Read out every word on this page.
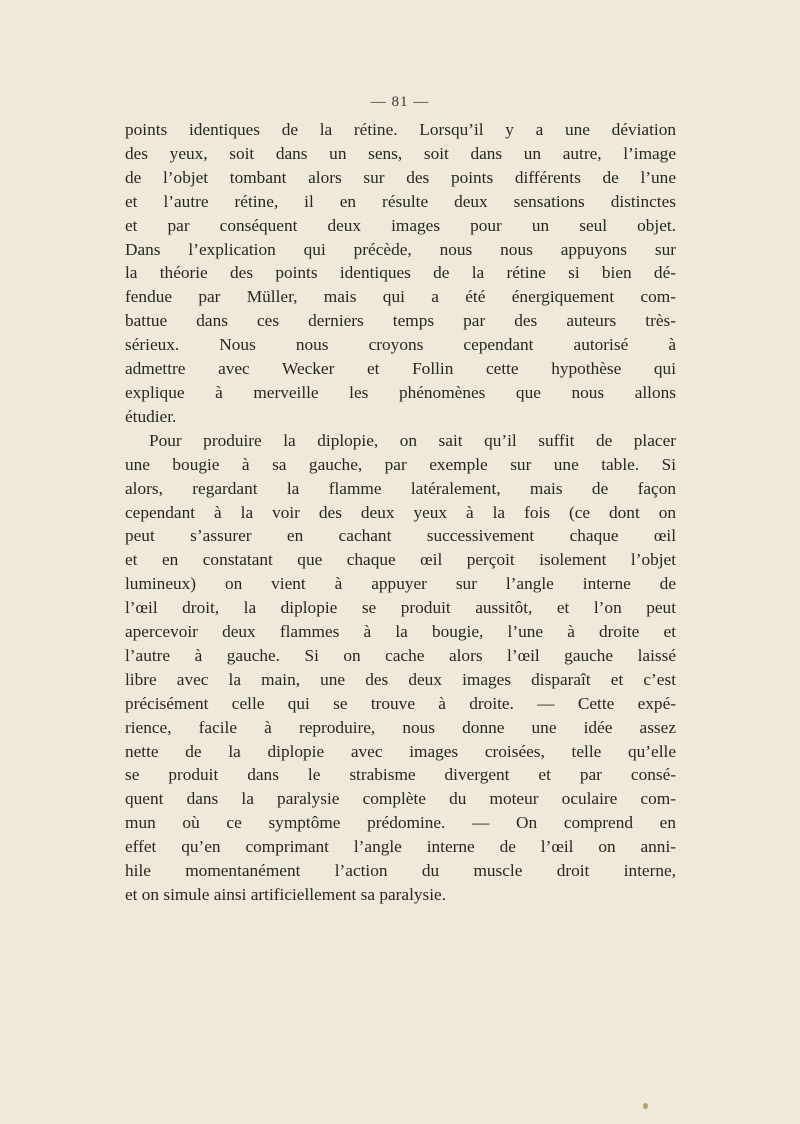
— 81 —
points identiques de la rétine. Lorsqu’il y a une déviation
des yeux, soit dans un sens, soit dans un autre, l’image
de l’objet tombant alors sur des points différents de l’une
et l’autre rétine, il en résulte deux sensations distinctes
et par conséquent deux images pour un seul objet.
Dans l’explication qui précède, nous nous appuyons sur
la théorie des points identiques de la rétine si bien dé-
fendue par Müller, mais qui a été énergiquement com-
battue dans ces derniers temps par des auteurs très-
sérieux. Nous nous croyons cependant autorisé à
admettre avec Wecker et Follin cette hypothèse qui
explique à merveille les phénomènes que nous allons
étudier.
Pour produire la diplopie, on sait qu’il suffit de placer
une bougie à sa gauche, par exemple sur une table. Si
alors, regardant la flamme latéralement, mais de façon
cependant à la voir des deux yeux à la fois (ce dont on
peut s’assurer en cachant successivement chaque œil
et en constatant que chaque œil perçoit isolement l’objet
lumineux) on vient à appuyer sur l’angle interne de
l’œil droit, la diplopie se produit aussitôt, et l’on peut
apercevoir deux flammes à la bougie, l’une à droite et
l’autre à gauche. Si on cache alors l’œil gauche laissé
libre avec la main, une des deux images disparaît et c’est
précisément celle qui se trouve à droite. — Cette expé-
rience, facile à reproduire, nous donne une idée assez
nette de la diplopie avec images croisées, telle qu’elle
se produit dans le strabisme divergent et par consé-
quent dans la paralysie complète du moteur oculaire com-
mun où ce symptôme prédomine. — On comprend en
effet qu’en comprimant l’angle interne de l’œil on anni-
hile momentanément l’action du muscle droit interne,
et on simule ainsi artificiellement sa paralysie.
